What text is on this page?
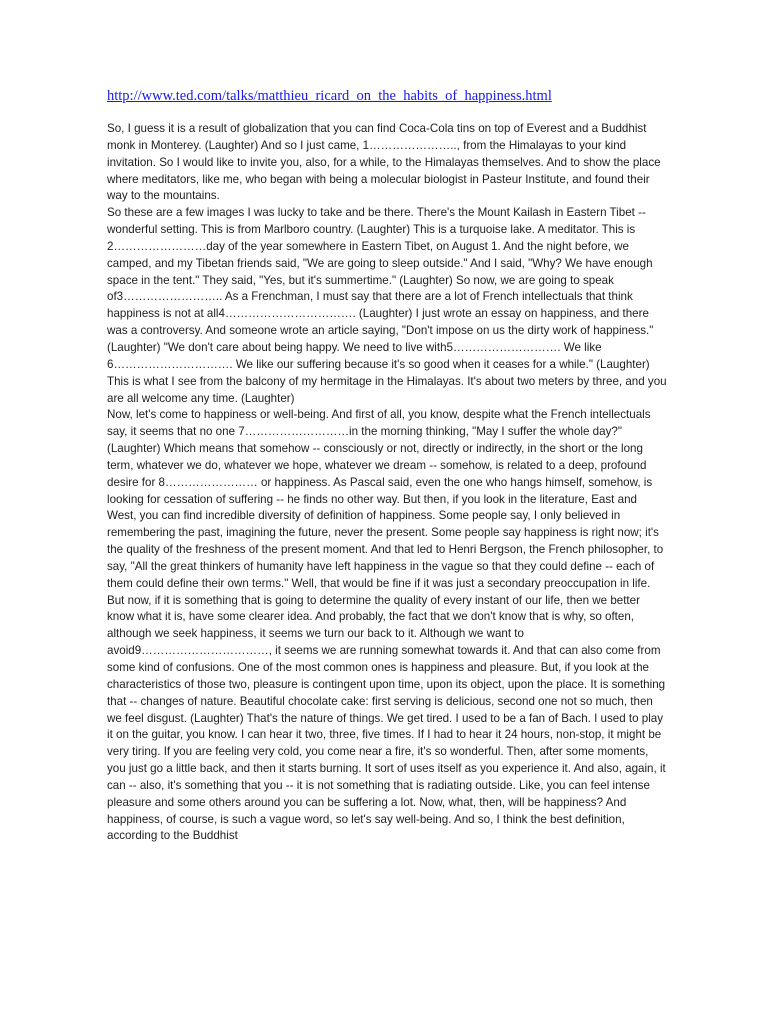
http://www.ted.com/talks/matthieu_ricard_on_the_habits_of_happiness.html

So, I guess it is a result of globalization that you can find Coca-Cola tins on top of Everest and a Buddhist monk in Monterey. (Laughter) And so I just came, 1………………….., from the Himalayas to your kind invitation. So I would like to invite you, also, for a while, to the Himalayas themselves. And to show the place where meditators, like me, who began with being a molecular biologist in Pasteur Institute, and found their way to the mountains.

So these are a few images I was lucky to take and be there. There's the Mount Kailash in Eastern Tibet -- wonderful setting. This is from Marlboro country. (Laughter) This is a turquoise lake. A meditator. This is 2……………………day of the year somewhere in Eastern Tibet, on August 1. And the night before, we camped, and my Tibetan friends said, "We are going to sleep outside." And I said, "Why? We have enough space in the tent." They said, "Yes, but it's summertime." (Laughter) So now, we are going to speak of3…………………….. As a Frenchman, I must say that there are a lot of French intellectuals that think happiness is not at all4……………………………. (Laughter) I just wrote an essay on happiness, and there was a controversy. And someone wrote an article saying, "Don't impose on us the dirty work of happiness." (Laughter) "We don't care about being happy. We need to live with5………………………. We like 6…………………………. We like our suffering because it's so good when it ceases for a while." (Laughter)

This is what I see from the balcony of my hermitage in the Himalayas. It's about two meters by three, and you are all welcome any time. (Laughter)

Now, let's come to happiness or well-being. And first of all, you know, despite what the French intellectuals say, it seems that no one 7………………………in the morning thinking, "May I suffer the whole day?" (Laughter) Which means that somehow -- consciously or not, directly or indirectly, in the short or the long term, whatever we do, whatever we hope, whatever we dream -- somehow, is related to a deep, profound desire for 8…………………… or happiness. As Pascal said, even the one who hangs himself, somehow, is looking for cessation of suffering -- he finds no other way. But then, if you look in the literature, East and West, you can find incredible diversity of definition of happiness. Some people say, I only believed in remembering the past, imagining the future, never the present. Some people say happiness is right now; it's the quality of the freshness of the present moment. And that led to Henri Bergson, the French philosopher, to say, "All the great thinkers of humanity have left happiness in the vague so that they could define -- each of them could define their own terms." Well, that would be fine if it was just a secondary preoccupation in life. But now, if it is something that is going to determine the quality of every instant of our life, then we better know what it is, have some clearer idea. And probably, the fact that we don't know that is why, so often, although we seek happiness, it seems we turn our back to it. Although we want to avoid9……………………………, it seems we are running somewhat towards it. And that can also come from some kind of confusions. One of the most common ones is happiness and pleasure. But, if you look at the characteristics of those two, pleasure is contingent upon time, upon its object, upon the place. It is something that -- changes of nature. Beautiful chocolate cake: first serving is delicious, second one not so much, then we feel disgust. (Laughter) That's the nature of things. We get tired. I used to be a fan of Bach. I used to play it on the guitar, you know. I can hear it two, three, five times. If I had to hear it 24 hours, non-stop, it might be very tiring. If you are feeling very cold, you come near a fire, it's so wonderful. Then, after some moments, you just go a little back, and then it starts burning. It sort of uses itself as you experience it. And also, again, it can -- also, it's something that you -- it is not something that is radiating outside. Like, you can feel intense pleasure and some others around you can be suffering a lot. Now, what, then, will be happiness? And happiness, of course, is such a vague word, so let's say well-being. And so, I think the best definition, according to the Buddhist
